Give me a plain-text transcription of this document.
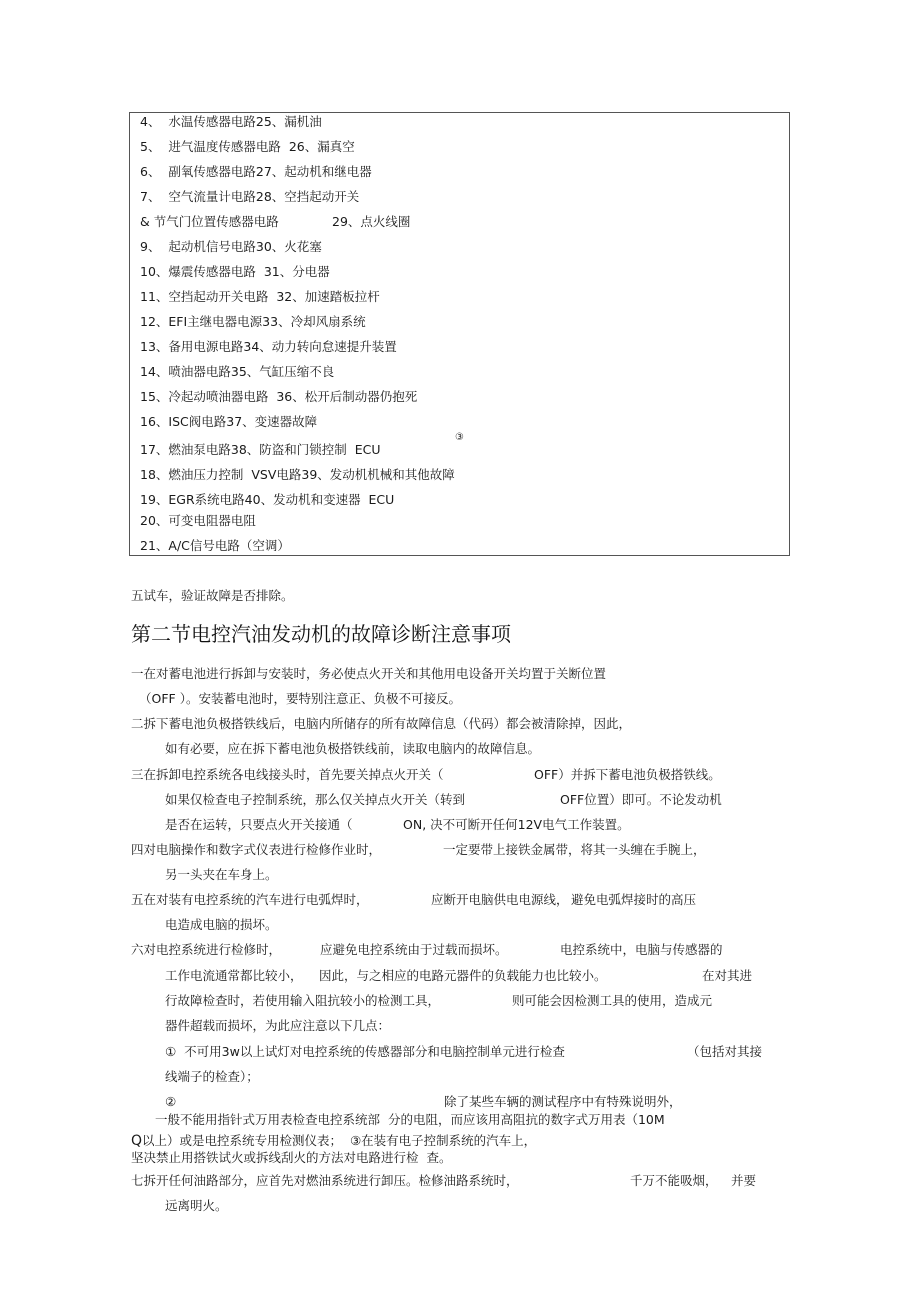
4、  水温传感器电路25、漏机油
5、  进气温度传感器电路  26、漏真空
6、  副氧传感器电路27、起动机和继电器
7、  空气流量计电路28、空挡起动开关
& 节气门位置传感器电路	29、点火线圈
9、  起动机信号电路30、火花塞
10、爆震传感器电路  31、分电器
11、空挡起动开关电路  32、加速踏板拉杆
12、EFI主继电器电源33、冷却风扇系统
13、备用电源电路34、动力转向怠速提升装置
14、喷油器电路35、气缸压缩不良
15、冷起动喷油器电路  36、松开后制动器仍抱死
16、ISC阀电路37、变速器故障
③
17、燃油泵电路38、防盗和门锁控制  ECU
18、燃油压力控制  VSV电路39、发动机机械和其他故障
19、EGR系统电路40、发动机和变速器  ECU
20、可变电阻器电阻
21、A/C信号电路（空调）
五试车，验证故障是否排除。
第二节电控汽油发动机的故障诊断注意事项
一在对蓄电池进行拆卸与安装时，务必使点火开关和其他用电设备开关均置于关断位置
（OFF ）。安装蓄电池时，要特别注意正、负极不可接反。
二拆下蓄电池负极搭铁线后，电脑内所储存的所有故障信息（代码）都会被清除掉，因此，
如有必要，应在拆下蓄电池负极搭铁线前，读取电脑内的故障信息。
三在拆卸电控系统各电线接头时，首先要关掉点火开关（	OFF）并拆下蓄电池负极搭铁线。
如果仅检查电子控制系统，那么仅关掉点火开关（转到	OFF位置）即可。不论发动机
是否在运转，只要点火开关接通（	ON, 决不可断开任何12V电气工作装置。
四对电脑操作和数字式仪表进行检修作业时，	一定要带上接铁金属带，将其一头缠在手腕上，
另一头夹在车身上。
五在对装有电控系统的汽车进行电弧焊时，	应断开电脑供电电源线， 避免电弧焊接时的高压
电造成电脑的损坏。
六对电控系统进行检修时，	应避免电控系统由于过载而损坏。	电控系统中，电脑与传感器的
工作电流通常都比较小， 因此，与之相应的电路元器件的负载能力也比较小。	在对其进
行故障检查时，若使用输入阻抗较小的检测工具，	则可能会因检测工具的使用，造成元
器件超载而损坏，为此应注意以下几点：
①  不可用3w以上试灯对电控系统的传感器部分和电脑控制单元进行检查	（包括对其接
线端子的检查）；
②	除了某些车辆的测试程序中有特殊说明外，
一般不能用指针式万用表检查电控系统部  分的电阻，而应该用高阻抗的数字式万用表（10M
Q 以上）或是电控系统专用检测仪表；  ③在装有电子控制系统的汽车上，
坚决禁止用搭铁试火或拆线刮火的方法对电路进行检  查。
七拆开任何油路部分，应首先对燃油系统进行卸压。检修油路系统时，	千万不能吸烟， 并要
远离明火。
